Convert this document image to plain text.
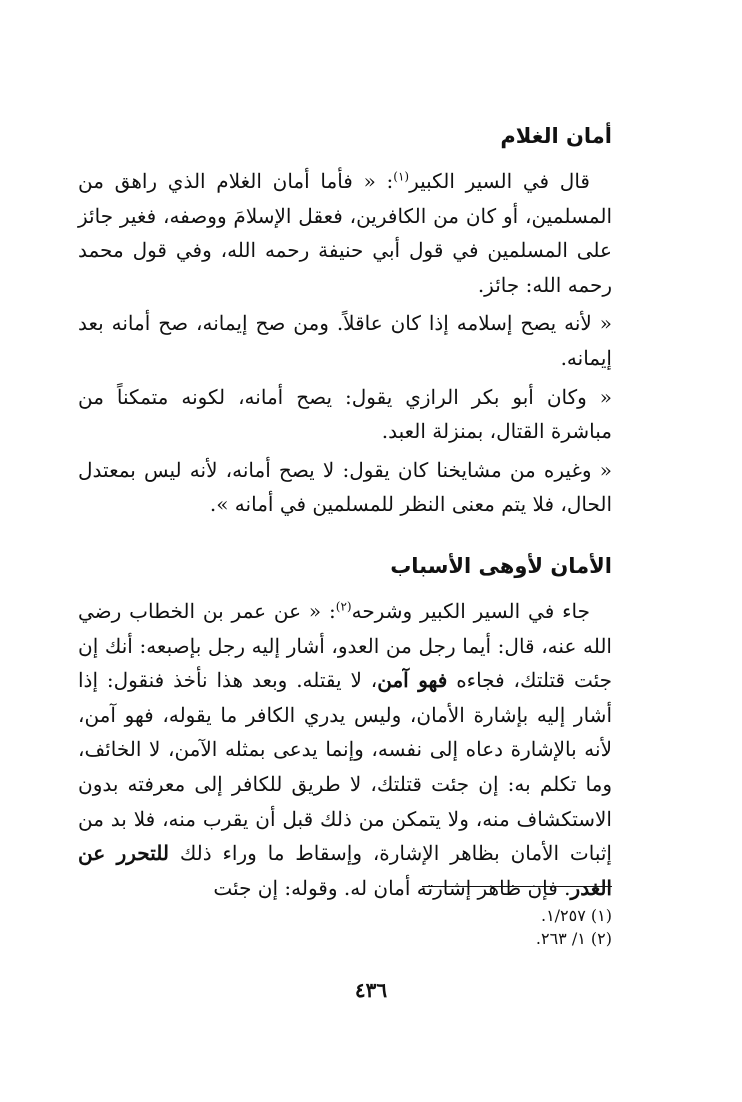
أمان الغلام

قال في السير الكبير$^{(١)}$: « فأما أمان الغلام الذي راهق من المسلمين، أو كان من الكافرين، فعقل الإسلامَ ووصفه، فغير جائز على المسلمين في قول أبي حنيفة رحمه الله، وفي قول محمد رحمه الله: جائز.

« لأنه يصح إسلامه إذا كان عاقلاً. ومن صح إيمانه، صح أمانه بعد إيمانه.

« وكان أبو بكر الرازي يقول: يصح أمانه، لكونه متمكناً من مباشرة القتال، بمنزلة العبد.

« وغيره من مشايخنا كان يقول: لا يصح أمانه، لأنه ليس بمعتدل الحال، فلا يتم معنى النظر للمسلمين في أمانه ».

الأمان لأوهى الأسباب

جاء في السير الكبير وشرحه$^{(٢)}$: « عن عمر بن الخطاب رضي الله عنه، قال: أيما رجل من العدو، أشار إليه رجل بإصبعه: أنك إن جئت قتلتك، فجاءه فهو آمن، لا يقتله. وبعد هذا نأخذ فنقول: إذا أشار إليه بإشارة الأمان، وليس يدري الكافر ما يقوله، فهو آمن، لأنه بالإشارة دعاه إلى نفسه، وإنما يدعى بمثله الآمن، لا الخائف، وما تكلم به: إن جئت قتلتك، لا طريق للكافر إلى معرفته بدون الاستكشاف منه، ولا يتمكن من ذلك قبل أن يقرب منه، فلا بد من إثبات الأمان بظاهر الإشارة، وإسقاط ما وراء ذلك للتحرر عن الغدر. فإن ظاهر إشارته أمان له. وقوله: إن جئت

(١) ١/٢٥٧.
(٢) ١/ ٢٦٣.
٤٣٦
